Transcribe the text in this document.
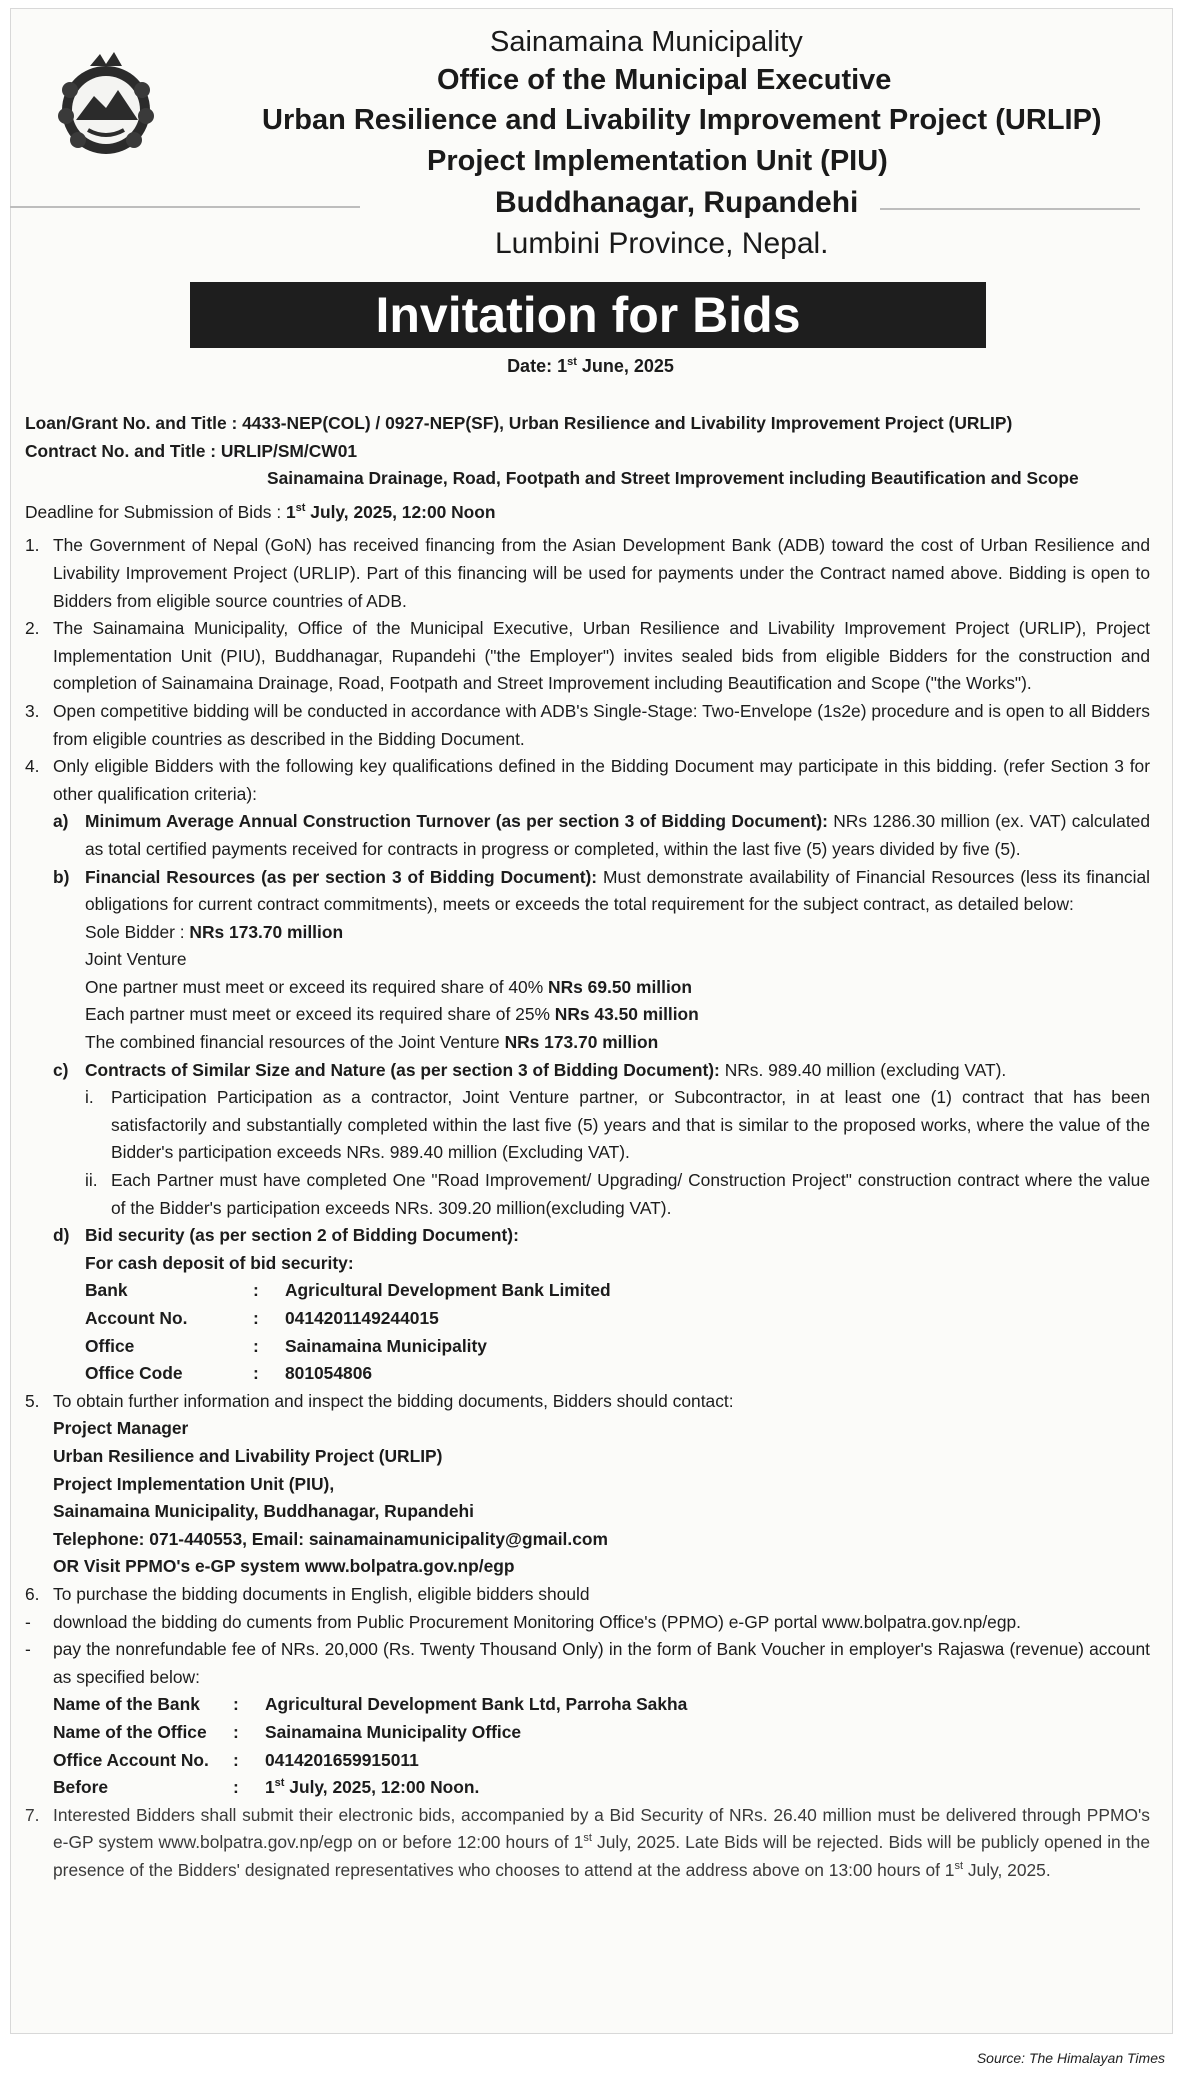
Sainamaina Municipality
Office of the Municipal Executive
Urban Resilience and Livability Improvement Project (URLIP)
Project Implementation Unit (PIU)
Buddhanagar, Rupandehi
Lumbini Province, Nepal.
Invitation for Bids
Date: 1st June, 2025
Loan/Grant No. and Title : 4433-NEP(COL) / 0927-NEP(SF), Urban Resilience and Livability Improvement Project (URLIP)
Contract No. and Title : URLIP/SM/CW01
Sainamaina Drainage, Road, Footpath and Street Improvement including Beautification and Scope
Deadline for Submission of Bids : 1st July, 2025, 12:00 Noon
1. The Government of Nepal (GoN) has received financing from the Asian Development Bank (ADB) toward the cost of Urban Resilience and Livability Improvement Project (URLIP). Part of this financing will be used for payments under the Contract named above. Bidding is open to Bidders from eligible source countries of ADB.
2. The Sainamaina Municipality, Office of the Municipal Executive, Urban Resilience and Livability Improvement Project (URLIP), Project Implementation Unit (PIU), Buddhanagar, Rupandehi ("the Employer") invites sealed bids from eligible Bidders for the construction and completion of Sainamaina Drainage, Road, Footpath and Street Improvement including Beautification and Scope ("the Works").
3. Open competitive bidding will be conducted in accordance with ADB's Single-Stage: Two-Envelope (1s2e) procedure and is open to all Bidders from eligible countries as described in the Bidding Document.
4. Only eligible Bidders with the following key qualifications defined in the Bidding Document may participate in this bidding. (refer Section 3 for other qualification criteria):
a) Minimum Average Annual Construction Turnover (as per section 3 of Bidding Document): NRs 1286.30 million (ex. VAT) calculated as total certified payments received for contracts in progress or completed, within the last five (5) years divided by five (5).
b) Financial Resources (as per section 3 of Bidding Document): Must demonstrate availability of Financial Resources (less its financial obligations for current contract commitments), meets or exceeds the total requirement for the subject contract, as detailed below:
Sole Bidder : NRs 173.70 million
Joint Venture
One partner must meet or exceed its required share of 40% NRs 69.50 million
Each partner must meet or exceed its required share of 25% NRs 43.50 million
The combined financial resources of the Joint Venture NRs 173.70 million
c) Contracts of Similar Size and Nature (as per section 3 of Bidding Document): NRs. 989.40 million (excluding VAT).
i. Participation Participation as a contractor, Joint Venture partner, or Subcontractor, in at least one (1) contract that has been satisfactorily and substantially completed within the last five (5) years and that is similar to the proposed works, where the value of the Bidder's participation exceeds NRs. 989.40 million (Excluding VAT).
ii. Each Partner must have completed One "Road Improvement/ Upgrading/ Construction Project" construction contract where the value of the Bidder's participation exceeds NRs. 309.20 million(excluding VAT).
d) Bid security (as per section 2 of Bidding Document):
For cash deposit of bid security:
Bank	:	Agricultural Development Bank Limited
Account No.	:	0414201149244015
Office	:	Sainamaina Municipality
Office Code	:	801054806
5. To obtain further information and inspect the bidding documents, Bidders should contact:
Project Manager
Urban Resilience and Livability Project (URLIP)
Project Implementation Unit (PIU),
Sainamaina Municipality, Buddhanagar, Rupandehi
Telephone: 071-440553, Email: sainamainamunicipality@gmail.com
OR Visit PPMO's e-GP system www.bolpatra.gov.np/egp
6. To purchase the bidding documents in English, eligible bidders should
-	download the bidding do cuments from Public Procurement Monitoring Office's (PPMO) e-GP portal www.bolpatra.gov.np/egp.
-	pay the nonrefundable fee of NRs. 20,000 (Rs. Twenty Thousand Only) in the form of Bank Voucher in employer's Rajaswa (revenue) account as specified below:
Name of the Bank	:	Agricultural Development Bank Ltd, Parroha Sakha
Name of the Office	:	Sainamaina Municipality Office
Office Account No.	:	0414201659915011
Before	:	1st July, 2025, 12:00 Noon.
7. Interested Bidders shall submit their electronic bids, accompanied by a Bid Security of NRs. 26.40 million must be delivered through PPMO's e-GP system www.bolpatra.gov.np/egp on or before 12:00 hours of 1st July, 2025. Late Bids will be rejected. Bids will be publicly opened in the presence of the Bidders' designated representatives who chooses to attend at the address above on 13:00 hours of 1st July, 2025.
Source: The Himalayan Times
